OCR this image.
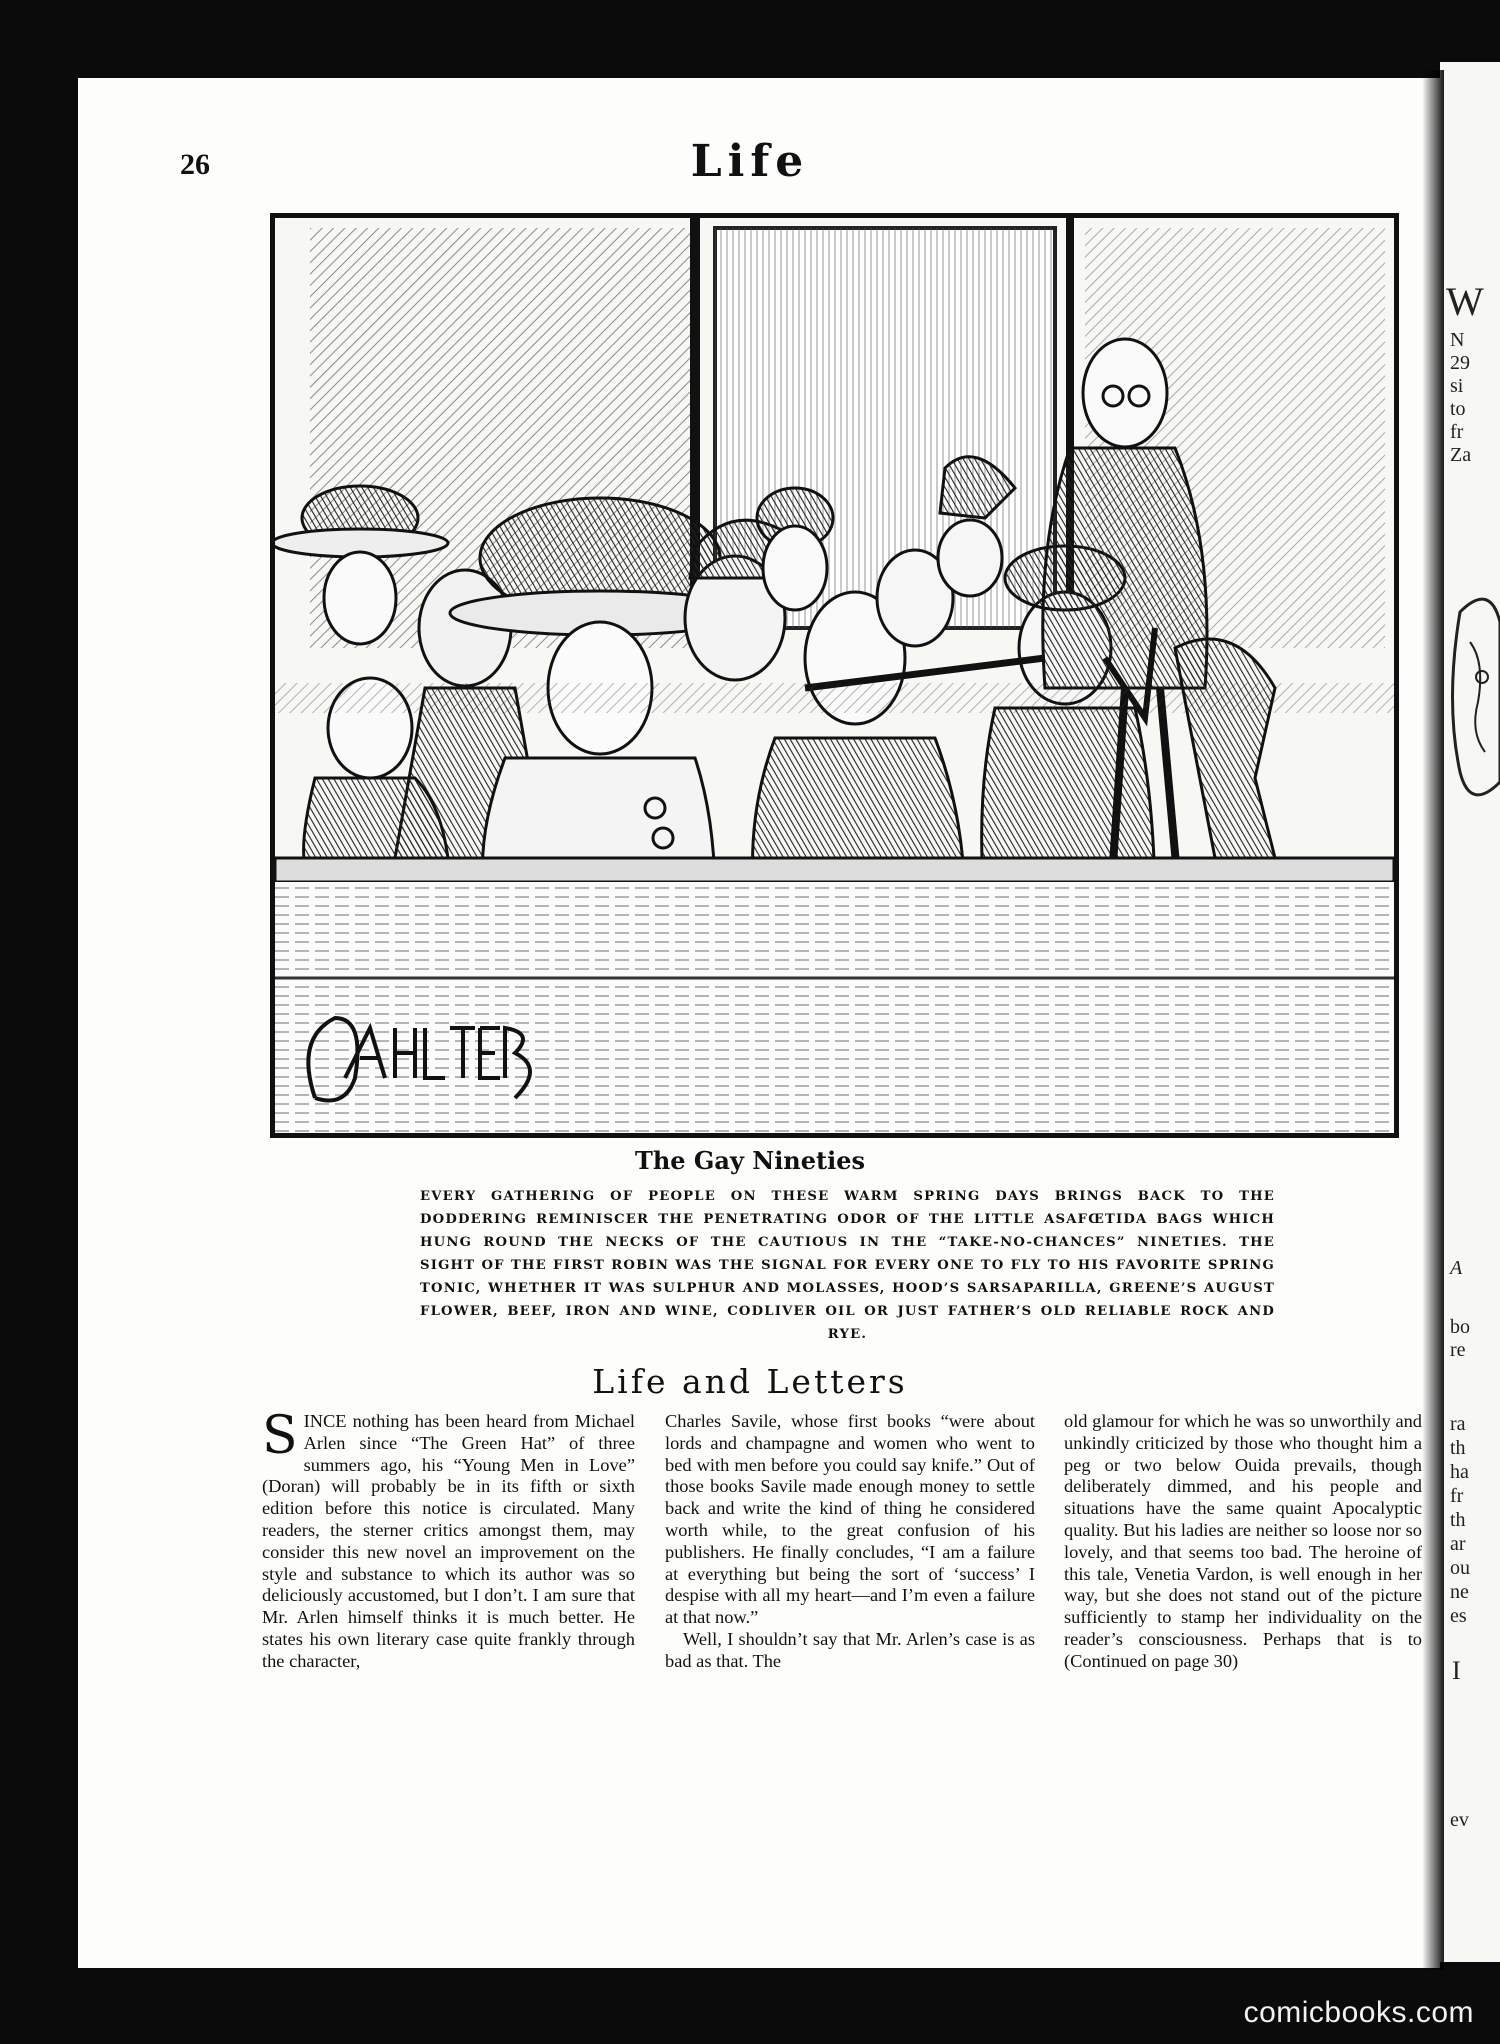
W
N
29
si
to
fr
Za
A
bo
re
ra
th
ha
fr
th
ar
ou
ne
es
I
ev
26	Life
The Gay Nineties
EVERY GATHERING OF PEOPLE ON THESE WARM SPRING DAYS BRINGS BACK TO THE DODDERING REMINISCER THE PENETRATING ODOR OF THE LITTLE ASAFŒTIDA BAGS WHICH HUNG ROUND THE NECKS OF THE CAUTIOUS IN THE “TAKE-NO-CHANCES” NINETIES. THE SIGHT OF THE FIRST ROBIN WAS THE SIGNAL FOR EVERY ONE TO FLY TO HIS FAVORITE SPRING TONIC, WHETHER IT WAS SULPHUR AND MOLASSES, HOOD’S SARSAPARILLA, GREENE’S AUGUST FLOWER, BEEF, IRON AND WINE, CODLIVER OIL OR JUST FATHER’S OLD RELIABLE ROCK AND RYE.
Life and Letters

SINCE nothing has been heard from Michael Arlen since “The Green Hat” of three summers ago, his “Young Men in Love” (Doran) will probably be in its fifth or sixth edition before this notice is circulated. Many readers, the sterner critics amongst them, may consider this new novel an improvement on the style and substance to which its author was so deliciously accustomed, but I don’t. I am sure that Mr. Arlen himself thinks it is much better. He states his own literary case quite frankly through the character,

Charles Savile, whose first books “were about lords and champagne and women who went to bed with men before you could say knife.” Out of those books Savile made enough money to settle back and write the kind of thing he considered worth while, to the great confusion of his publishers. He finally concludes, “I am a failure at everything but being the sort of ‘success’ I despise with all my heart—and I’m even a failure at that now.”

Well, I shouldn’t say that Mr. Arlen’s case is as bad as that. The

old glamour for which he was so unworthily and unkindly criticized by those who thought him a peg or two below Ouida prevails, though deliberately dimmed, and his people and situations have the same quaint Apocalyptic quality. But his ladies are neither so loose nor so lovely, and that seems too bad. The heroine of this tale, Venetia Vardon, is well enough in her way, but she does not stand out of the picture sufficiently to stamp her individuality on the reader’s consciousness. Perhaps that is to (Continued on page 30)

comicbooks.com
